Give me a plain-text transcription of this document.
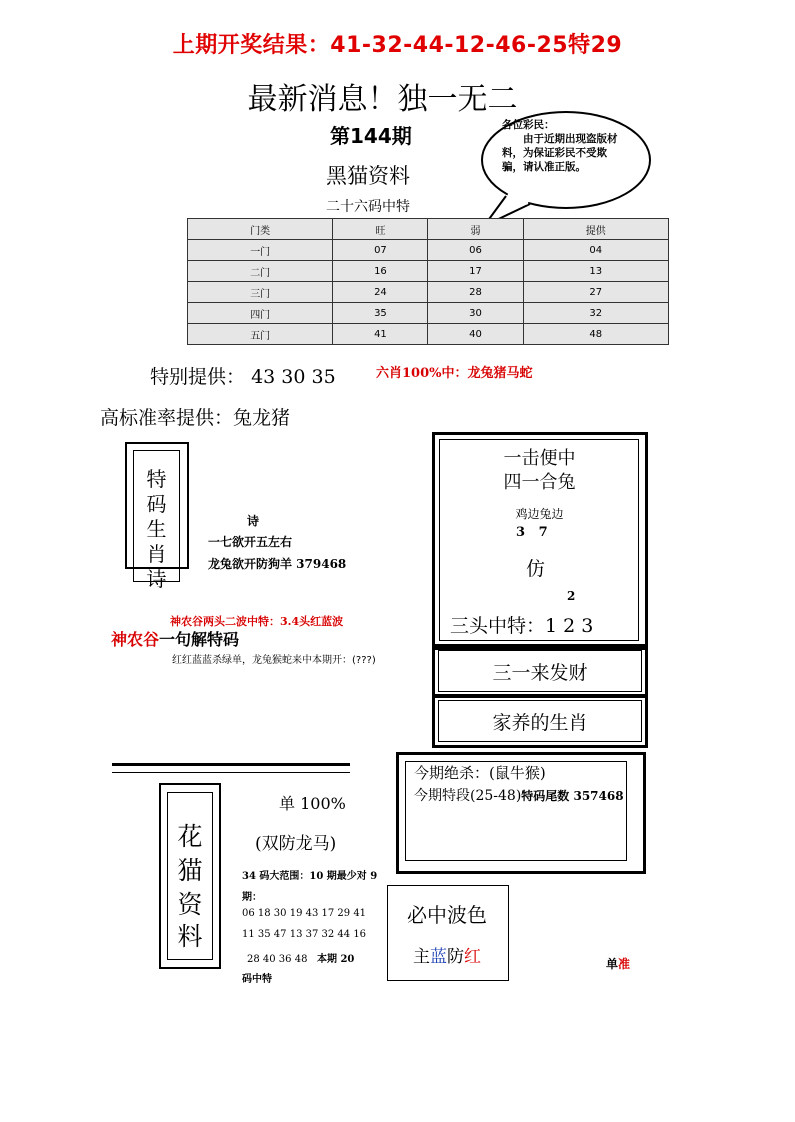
上期开奖结果：41-32-44-12-46-25特29
最新消息！独一无二
第144期
黑猫资料
二十六码中特
各位彩民：
由于近期出现盗版材料，为保证彩民不受欺骗，请认准正版。
门类	旺	弱	提供
一门	07	06	04
二门	16	17	13
三门	24	28	27
四门	35	30	32
五门	41	40	48
特别提供： 43 30 35	六肖100%中：龙兔猪马蛇
高标准率提供：兔龙猪
特
码
生
肖
诗
诗
一七欲开五左右
龙兔欲开防狗羊 379468
神农谷两头二波中特：3.4头红蓝波
神农谷一句解特码
红红蓝蓝杀绿单，龙兔猴蛇来中本期开：(???)
一击便中
四一合兔
鸡边兔边
3   7
仿
2
三头中特：1 2 3
三一来发财
家养的生肖
今期绝杀：(鼠牛猴)
今期特段(25-48)特码尾数 357468
花
猫
资
料
单 100%
(双防龙马)
34 码大范围：10 期最少对 9 期：
06 18 30 19 43 17 29 41
11 35 47 13 37 32 44 16
28 40 36 48 本期 20
码中特
必中波色
主蓝防红	单准
